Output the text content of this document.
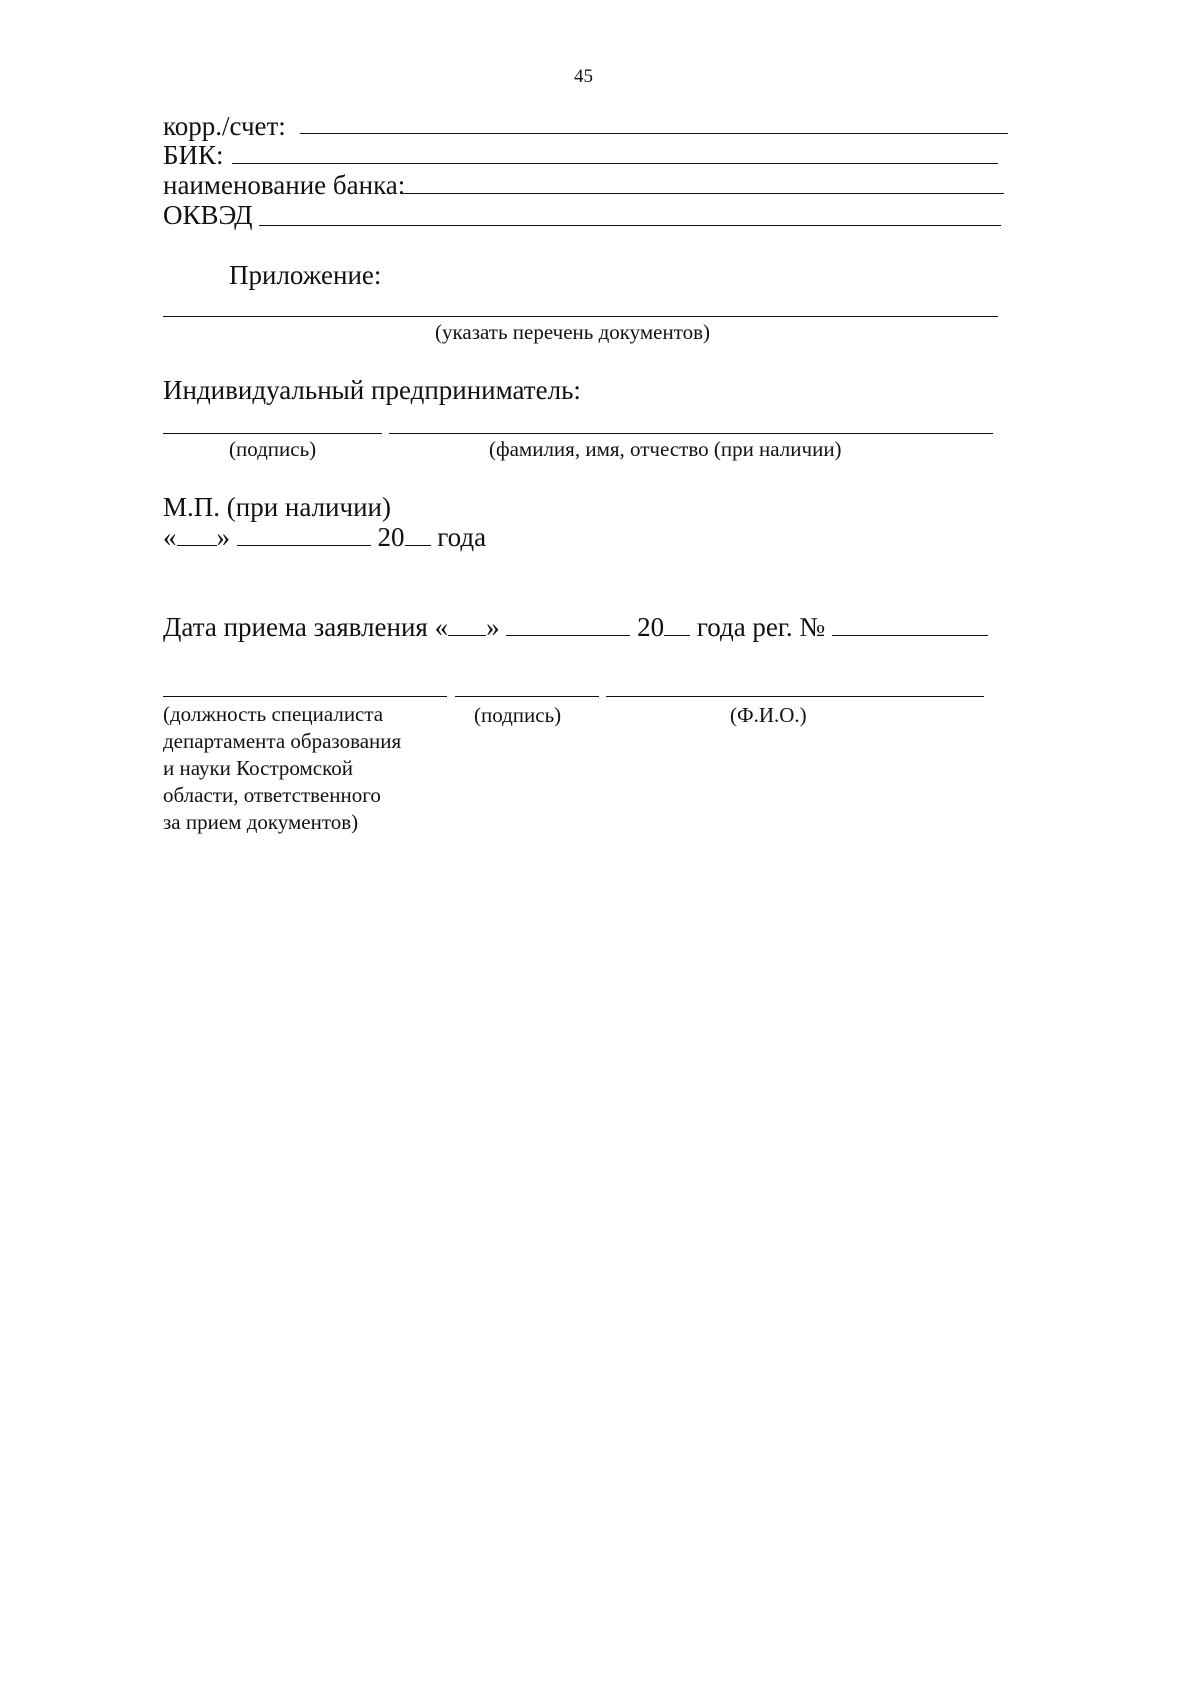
45
корр./счет:
БИК:
наименование банка:
ОКВЭД
Приложение:
(указать перечень документов)
Индивидуальный предприниматель:
(подпись)	(фамилия, имя, отчество (при наличии)
М.П. (при наличии)
« »	20 года
Дата приема заявления « »	20 года рег. №
(должность специалиста
департамента образования
и науки Костромской
области, ответственного
за прием документов)
(подпись)	(Ф.И.О.)
